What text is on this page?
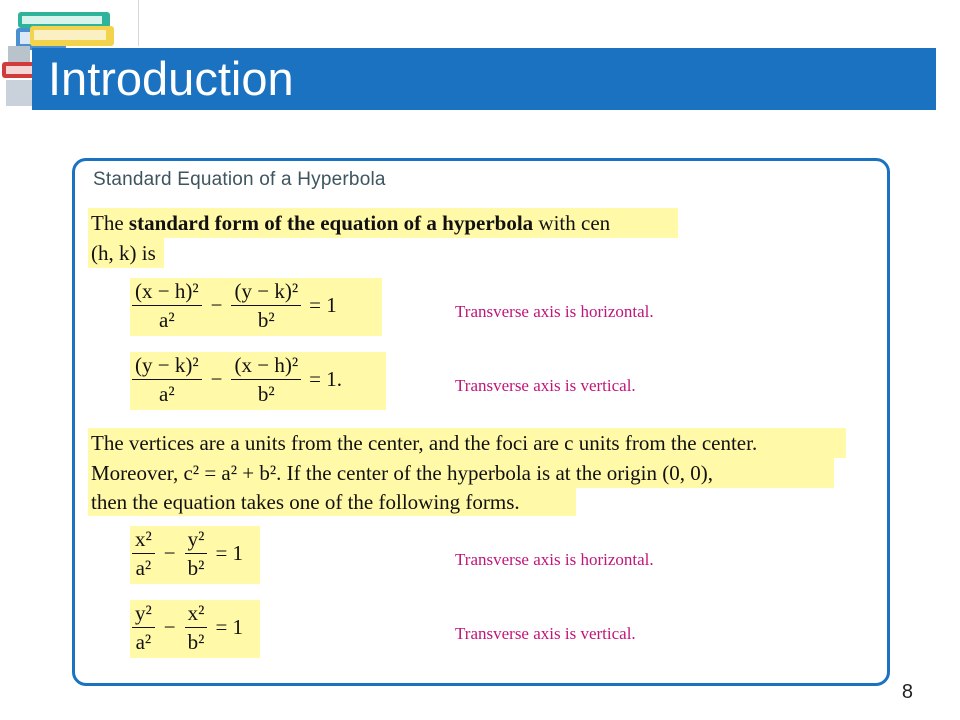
Introduction
Standard Equation of a Hyperbola
The standard form of the equation of a hyperbola with cen
(h, k) is
$\frac{\text{(x − h)²}}{\text{a²}} - \frac{\text{(y − k)²}}{\text{b²}} = 1$	Transverse axis is horizontal.
$\frac{\text{(y − k)²}}{\text{a²}} - \frac{\text{(x − h)²}}{\text{b²}} = 1$.	Transverse axis is vertical.
The vertices are a units from the center, and the foci are c units from the center.
Moreover, c² = a² + b². If the center of the hyperbola is at the origin (0, 0),
then the equation takes one of the following forms.
$\frac{\text{x²}}{\text{a²}} - \frac{\text{y²}}{\text{b²}} = 1$	Transverse axis is horizontal.
$\frac{\text{y²}}{\text{a²}} - \frac{\text{x²}}{\text{b²}} = 1$	Transverse axis is vertical.
8
